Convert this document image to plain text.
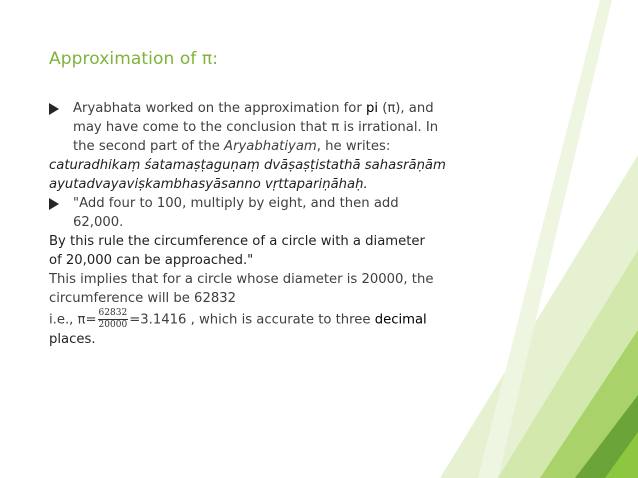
Approximation of π:
Aryabhata worked on the approximation for pi (π), and
may have come to the conclusion that π is irrational. In
the second part of the Aryabhatiyam, he writes:
caturadhikaṃ śatamaṣṭaguṇaṃ dvāṣaṣṭistathā sahasrāṇām
ayutadvayaviṣkambhasyāsanno vṛttapariṇāhaḥ.
"Add four to 100, multiply by eight, and then add
62,000.
By this rule the circumference of a circle with a diameter
of 20,000 can be approached."
This implies that for a circle whose diameter is 20000, the
circumference will be 62832
i.e., $\pi= \frac{62832}{20000} =3.1416$ , which is accurate to three decimal
places.
